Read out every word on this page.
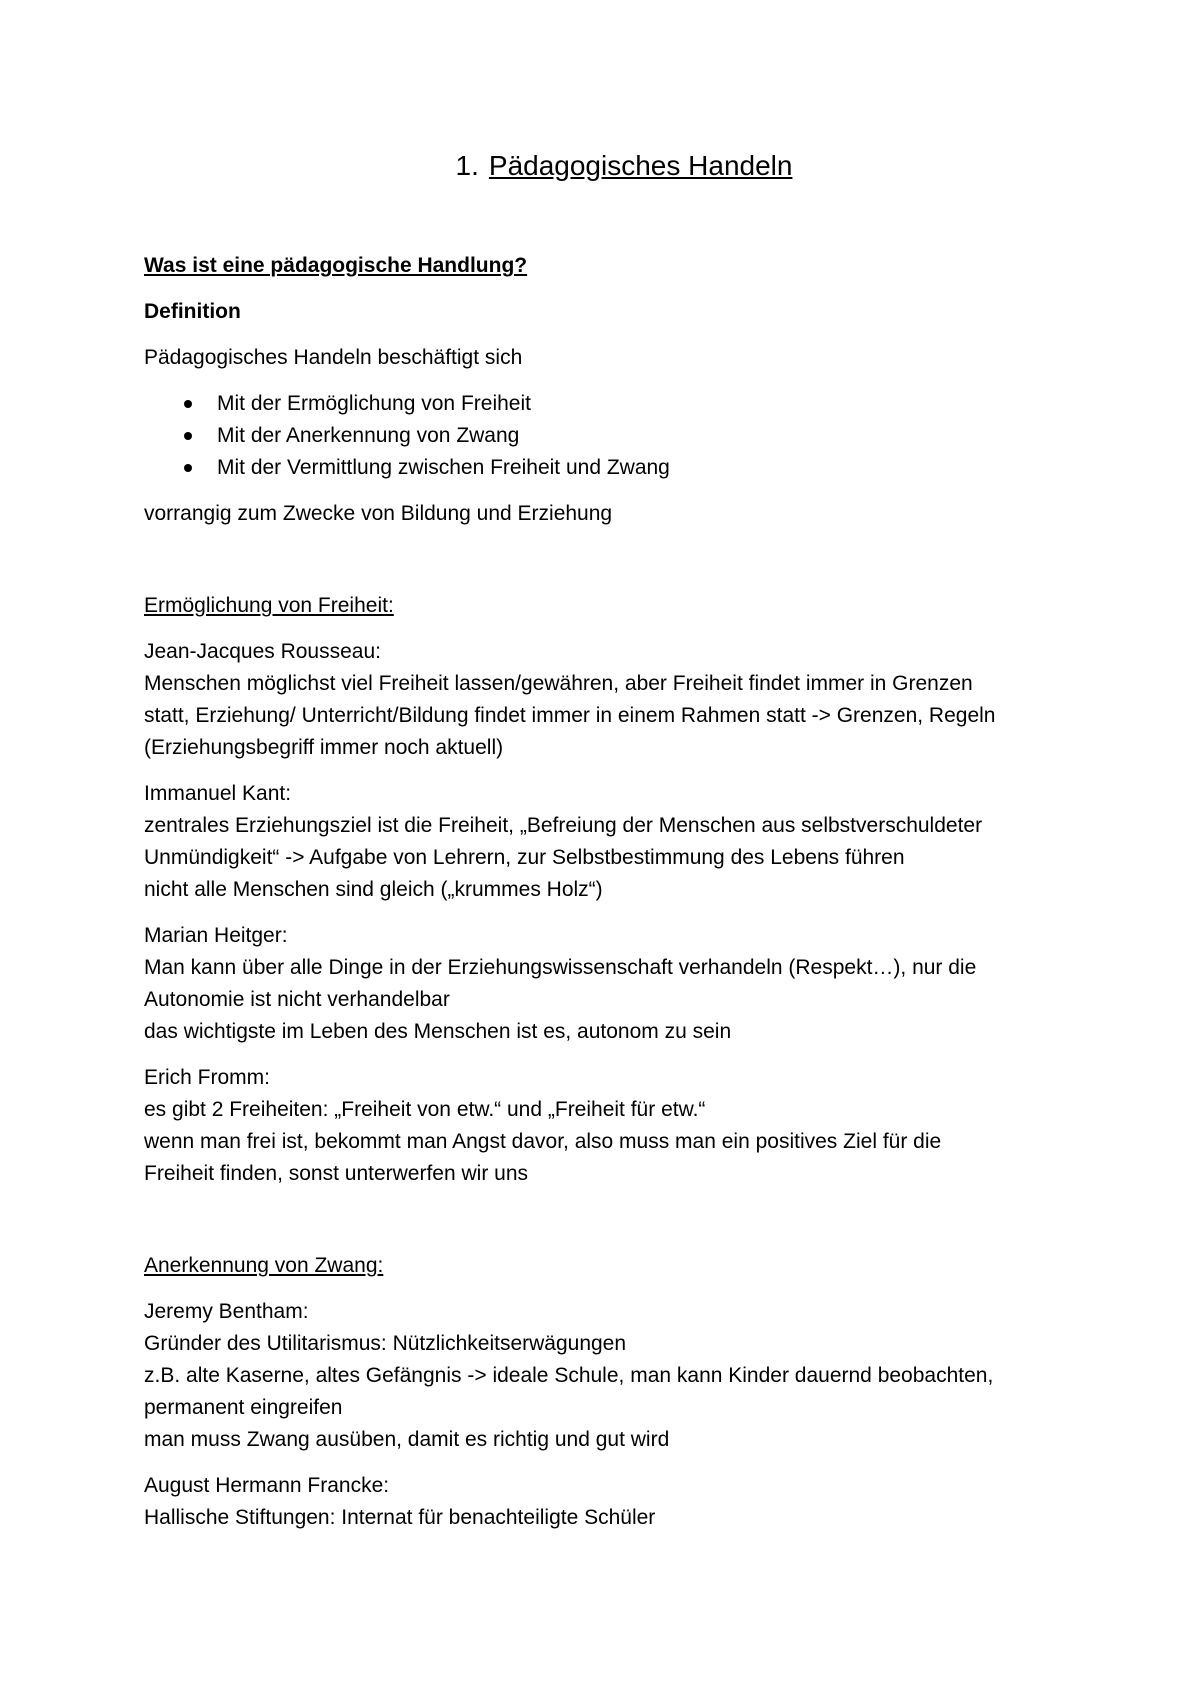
1. Pädagogisches Handeln
Was ist eine pädagogische Handlung?
Definition

Pädagogisches Handeln beschäftigt sich

Mit der Ermöglichung von Freiheit
Mit der Anerkennung von Zwang
Mit der Vermittlung zwischen Freiheit und Zwang

vorrangig zum Zwecke von Bildung und Erziehung

Ermöglichung von Freiheit:
Jean-Jacques Rousseau:
Menschen möglichst viel Freiheit lassen/gewähren, aber Freiheit findet immer in Grenzen
statt, Erziehung/ Unterricht/Bildung findet immer in einem Rahmen statt -> Grenzen, Regeln
(Erziehungsbegriff immer noch aktuell)
Immanuel Kant:
zentrales Erziehungsziel ist die Freiheit, „Befreiung der Menschen aus selbstverschuldeter
Unmündigkeit“ -> Aufgabe von Lehrern, zur Selbstbestimmung des Lebens führen
nicht alle Menschen sind gleich („krummes Holz“)
Marian Heitger:
Man kann über alle Dinge in der Erziehungswissenschaft verhandeln (Respekt…), nur die
Autonomie ist nicht verhandelbar
das wichtigste im Leben des Menschen ist es, autonom zu sein
Erich Fromm:
es gibt 2 Freiheiten: „Freiheit von etw.“ und „Freiheit für etw.“
wenn man frei ist, bekommt man Angst davor, also muss man ein positives Ziel für die
Freiheit finden, sonst unterwerfen wir uns
Anerkennung von Zwang:
Jeremy Bentham:
Gründer des Utilitarismus: Nützlichkeitserwägungen
z.B. alte Kaserne, altes Gefängnis -> ideale Schule, man kann Kinder dauernd beobachten,
permanent eingreifen
man muss Zwang ausüben, damit es richtig und gut wird
August Hermann Francke:
Hallische Stiftungen: Internat für benachteiligte Schüler
